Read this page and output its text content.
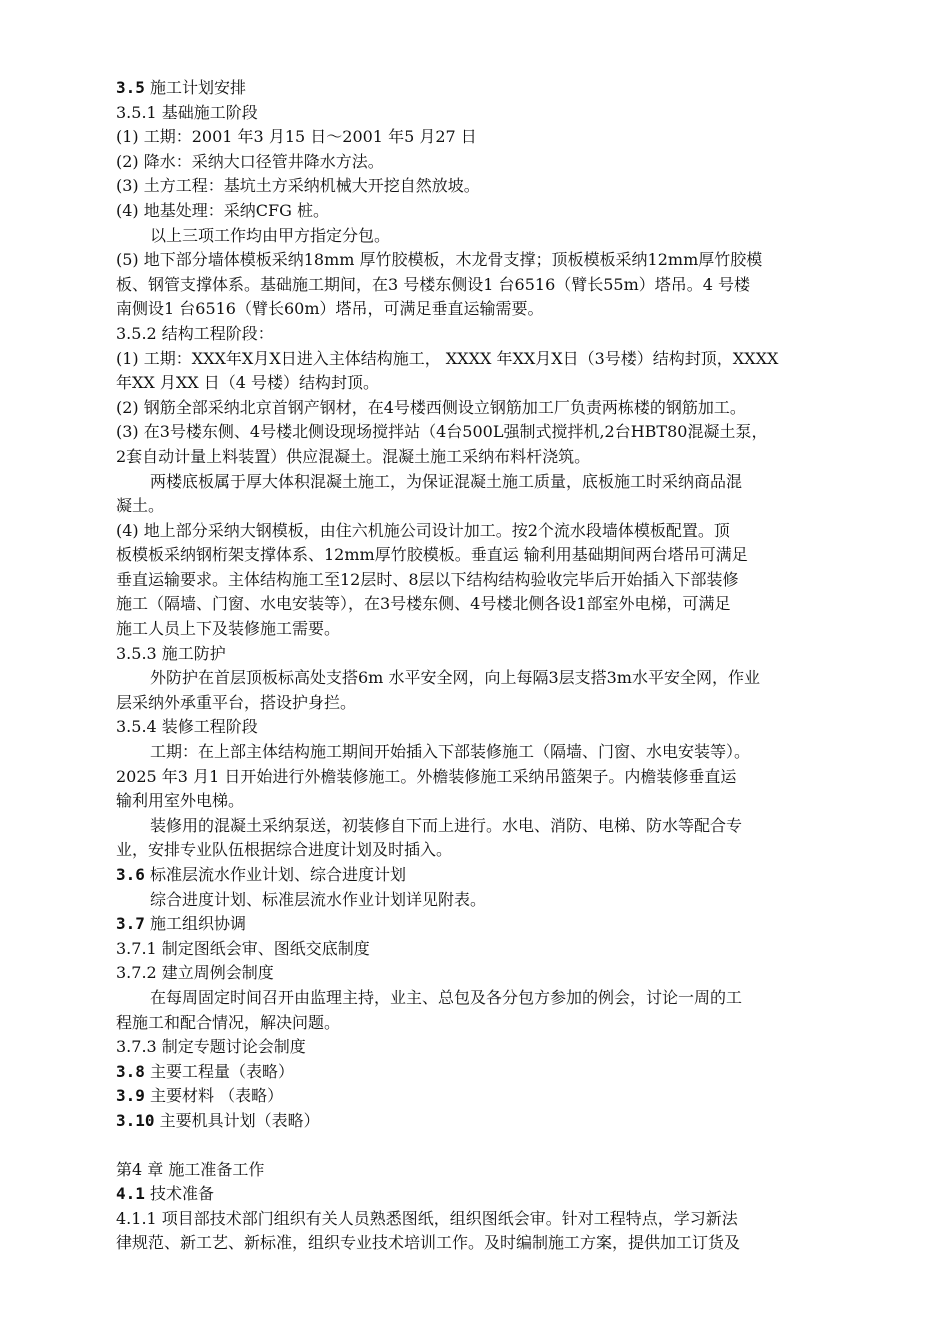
3.5 施工计划安排
3.5.1 基础施工阶段
(1) 工期：2001 年3 月15 日～2001 年5 月27 日
(2) 降水：采纳大口径管井降水方法。
(3) 土方工程：基坑土方采纳机械大开挖自然放坡。
(4) 地基处理：采纳CFG 桩。
以上三项工作均由甲方指定分包。
(5) 地下部分墙体模板采纳18mm 厚竹胶模板，木龙骨支撑；顶板模板采纳12mm厚竹胶模
板、钢管支撑体系。基础施工期间，在3 号楼东侧设1 台6516（臂长55m）塔吊。4 号楼
南侧设1 台6516（臂长60m）塔吊，可满足垂直运输需要。
3.5.2 结构工程阶段：
(1) 工期：XXX年X月X日进入主体结构施工， XXXX 年XX月X日（3号楼）结构封顶，XXXX
年XX 月XX 日（4 号楼）结构封顶。
(2) 钢筋全部采纳北京首钢产钢材，在4号楼西侧设立钢筋加工厂负责两栋楼的钢筋加工。
(3) 在3号楼东侧、4号楼北侧设现场搅拌站（4台500L强制式搅拌机,2台HBT80混凝土泵，
2套自动计量上料装置）供应混凝土。混凝土施工采纳布料杆浇筑。
两楼底板属于厚大体积混凝土施工，为保证混凝土施工质量，底板施工时采纳商品混
凝土。
(4) 地上部分采纳大钢模板，由住六机施公司设计加工。按2个流水段墙体模板配置。顶
板模板采纳钢桁架支撑体系、12mm厚竹胶模板。垂直运 输利用基础期间两台塔吊可满足
垂直运输要求。主体结构施工至12层时、8层以下结构结构验收完毕后开始插入下部装修
施工（隔墙、门窗、水电安装等），在3号楼东侧、4号楼北侧各设1部室外电梯，可满足
施工人员上下及装修施工需要。
3.5.3 施工防护
外防护在首层顶板标高处支搭6m 水平安全网，向上每隔3层支搭3m水平安全网，作业
层采纳外承重平台，搭设护身拦。
3.5.4 装修工程阶段
工期：在上部主体结构施工期间开始插入下部装修施工（隔墙、门窗、水电安装等）。
2025 年3 月1 日开始进行外檐装修施工。外檐装修施工采纳吊篮架子。内檐装修垂直运
输利用室外电梯。
装修用的混凝土采纳泵送，初装修自下而上进行。水电、消防、电梯、防水等配合专
业，安排专业队伍根据综合进度计划及时插入。
3.6 标准层流水作业计划、综合进度计划
综合进度计划、标准层流水作业计划详见附表。
3.7 施工组织协调
3.7.1 制定图纸会审、图纸交底制度
3.7.2 建立周例会制度
在每周固定时间召开由监理主持，业主、总包及各分包方参加的例会，讨论一周的工
程施工和配合情况，解决问题。
3.7.3 制定专题讨论会制度
3.8 主要工程量（表略）
3.9 主要材料 （表略）
3.10 主要机具计划（表略）
第4 章 施工准备工作
4.1 技术准备
4.1.1 项目部技术部门组织有关人员熟悉图纸，组织图纸会审。针对工程特点，学习新法
律规范、新工艺、新标准，组织专业技术培训工作。及时编制施工方案，提供加工订货及
